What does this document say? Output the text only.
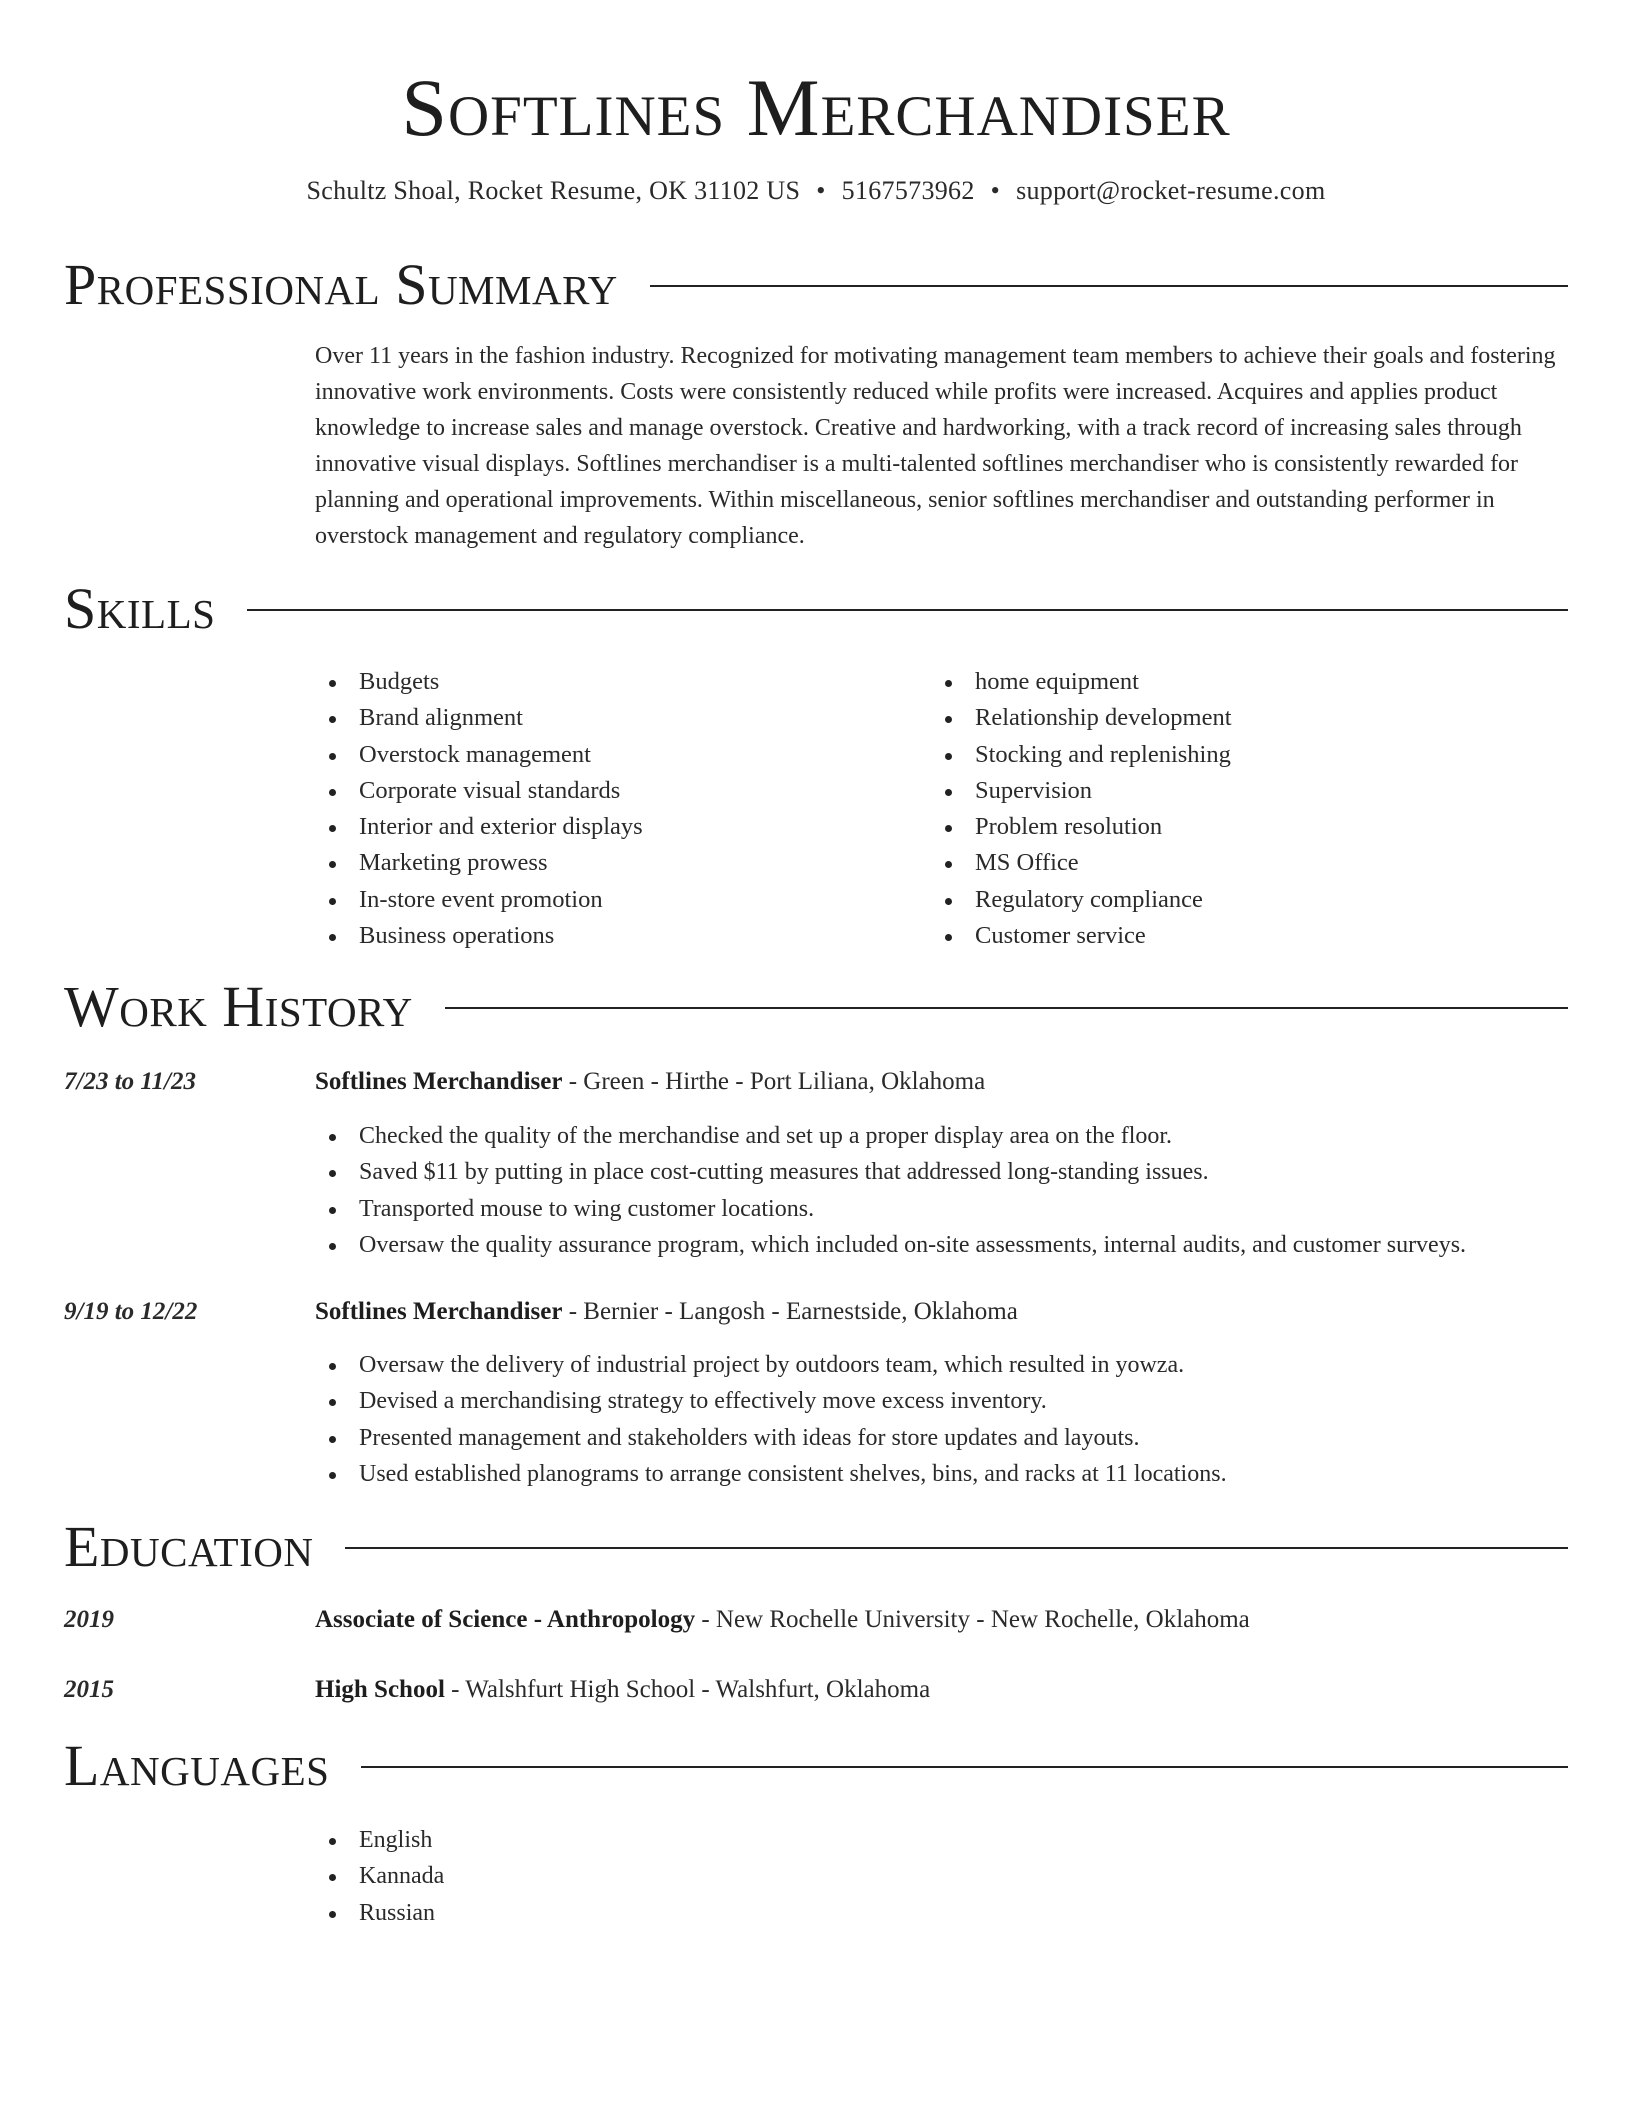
Softlines Merchandiser
Schultz Shoal, Rocket Resume, OK 31102 US • 5167573962 • support@rocket-resume.com
Professional Summary
Over 11 years in the fashion industry. Recognized for motivating management team members to achieve their goals and fostering innovative work environments. Costs were consistently reduced while profits were increased. Acquires and applies product knowledge to increase sales and manage overstock. Creative and hardworking, with a track record of increasing sales through innovative visual displays. Softlines merchandiser is a multi-talented softlines merchandiser who is consistently rewarded for planning and operational improvements. Within miscellaneous, senior softlines merchandiser and outstanding performer in overstock management and regulatory compliance.
Skills
Budgets
Brand alignment
Overstock management
Corporate visual standards
Interior and exterior displays
Marketing prowess
In-store event promotion
Business operations
home equipment
Relationship development
Stocking and replenishing
Supervision
Problem resolution
MS Office
Regulatory compliance
Customer service
Work History
7/23 to 11/23	Softlines Merchandiser - Green - Hirthe - Port Liliana, Oklahoma
Checked the quality of the merchandise and set up a proper display area on the floor.
Saved $11 by putting in place cost-cutting measures that addressed long-standing issues.
Transported mouse to wing customer locations.
Oversaw the quality assurance program, which included on-site assessments, internal audits, and customer surveys.
9/19 to 12/22	Softlines Merchandiser - Bernier - Langosh - Earnestside, Oklahoma
Oversaw the delivery of industrial project by outdoors team, which resulted in yowza.
Devised a merchandising strategy to effectively move excess inventory.
Presented management and stakeholders with ideas for store updates and layouts.
Used established planograms to arrange consistent shelves, bins, and racks at 11 locations.
Education
2019	Associate of Science - Anthropology - New Rochelle University - New Rochelle, Oklahoma
2015	High School - Walshfurt High School - Walshfurt, Oklahoma
Languages
English
Kannada
Russian
